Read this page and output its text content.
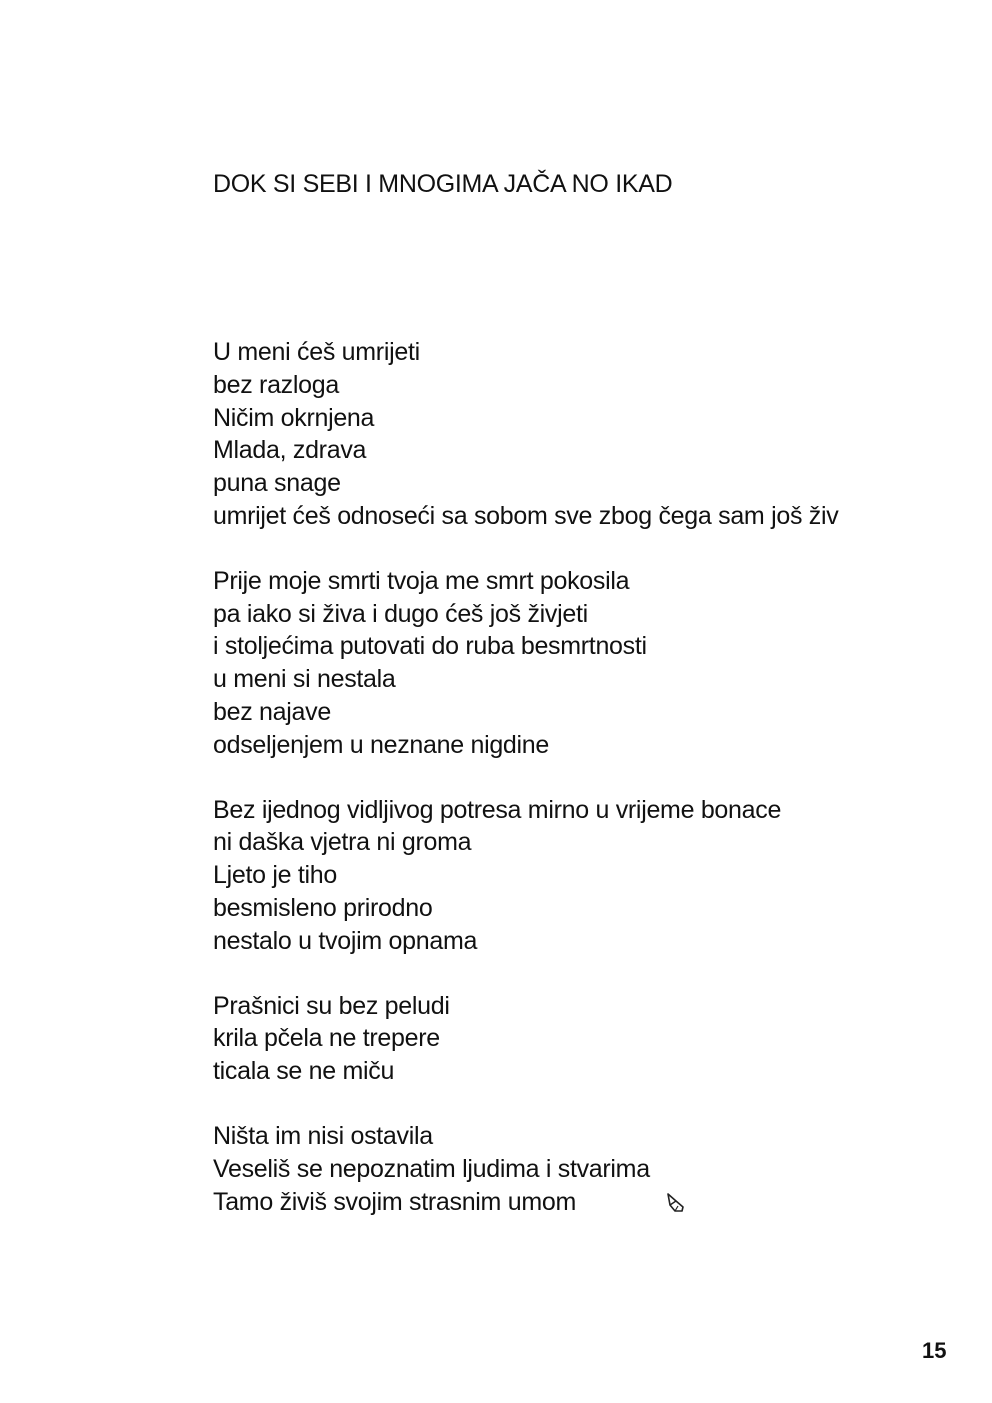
DOK SI SEBI I MNOGIMA JAČA NO IKAD
U meni ćeš umrijeti
bez razloga
Ničim okrnjena
Mlada, zdrava
puna snage
umrijet ćeš odnoseći sa sobom sve zbog čega sam još živ
Prije moje smrti tvoja me smrt pokosila
pa iako si živa i dugo ćeš još živjeti
i stoljećima putovati do ruba besmrtnosti
u meni si nestala
bez najave
odseljenjem u neznane nigdine
Bez ijednog vidljivog potresa mirno u vrijeme bonace
ni daška vjetra ni groma
Ljeto je tiho
besmisleno prirodno
nestalo u tvojim opnama
Prašnici su bez peludi
krila pčela ne trepere
ticala se ne miču
Ništa im nisi ostavila
Veseliš se nepoznatim ljudima i stvarima
Tamo živiš svojim strasnim umom
15
